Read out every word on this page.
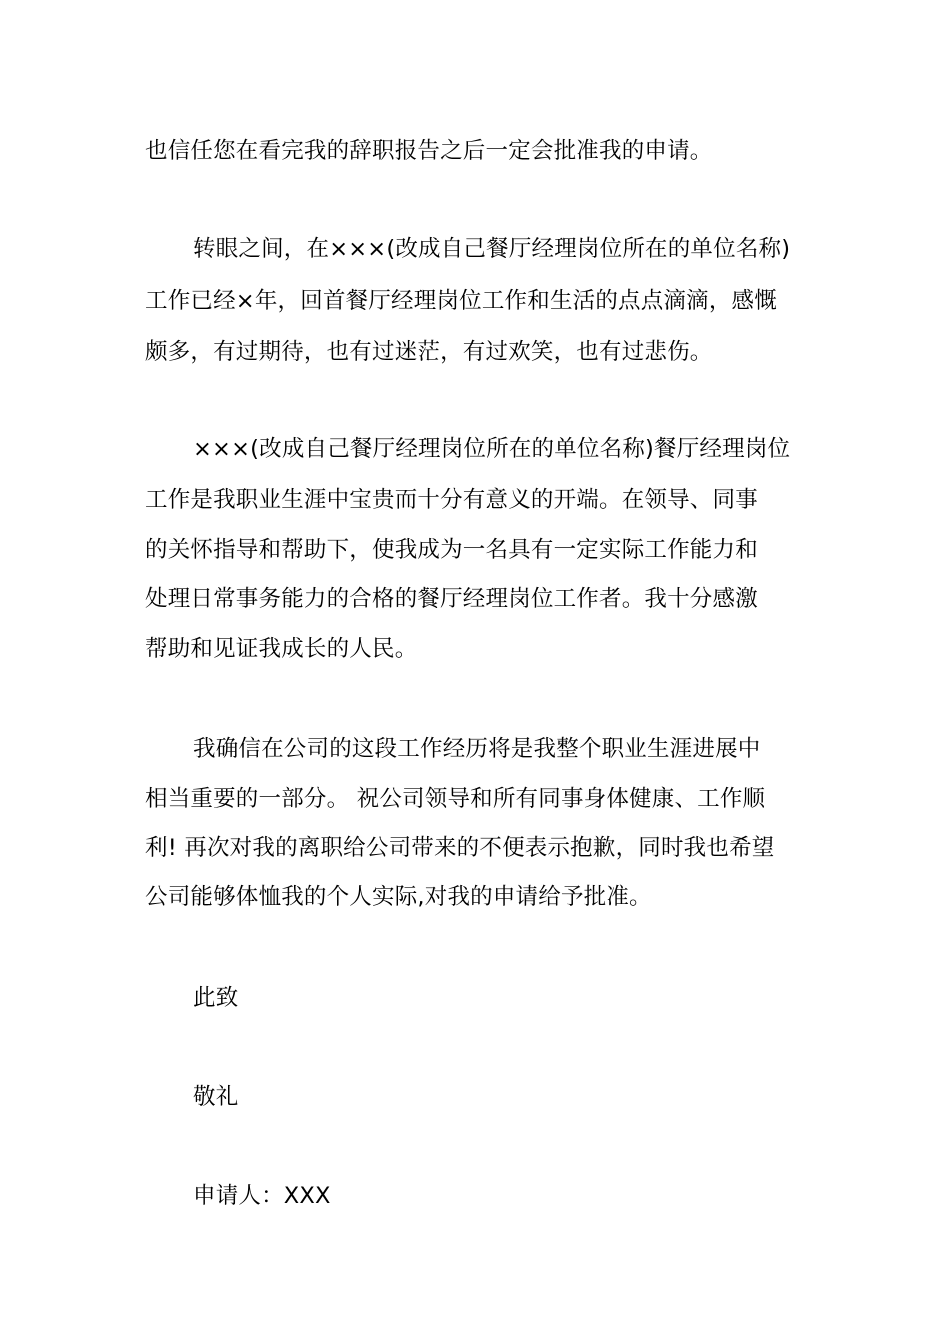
也信任您在看完我的辞职报告之后一定会批准我的申请。
转眼之间，在×××(改成自己餐厅经理岗位所在的单位名称)
工作已经×年，回首餐厅经理岗位工作和生活的点点滴滴，感慨
颇多，有过期待，也有过迷茫，有过欢笑，也有过悲伤。
×××(改成自己餐厅经理岗位所在的单位名称)餐厅经理岗位
工作是我职业生涯中宝贵而十分有意义的开端。在领导、同事
的关怀指导和帮助下，使我成为一名具有一定实际工作能力和
处理日常事务能力的合格的餐厅经理岗位工作者。我十分感激
帮助和见证我成长的人民。
我确信在公司的这段工作经历将是我整个职业生涯进展中
相当重要的一部分。 祝公司领导和所有同事身体健康、工作顺
利! 再次对我的离职给公司带来的不便表示抱歉，同时我也希望
公司能够体恤我的个人实际,对我的申请给予批准。
此致
敬礼
申请人：XXX
